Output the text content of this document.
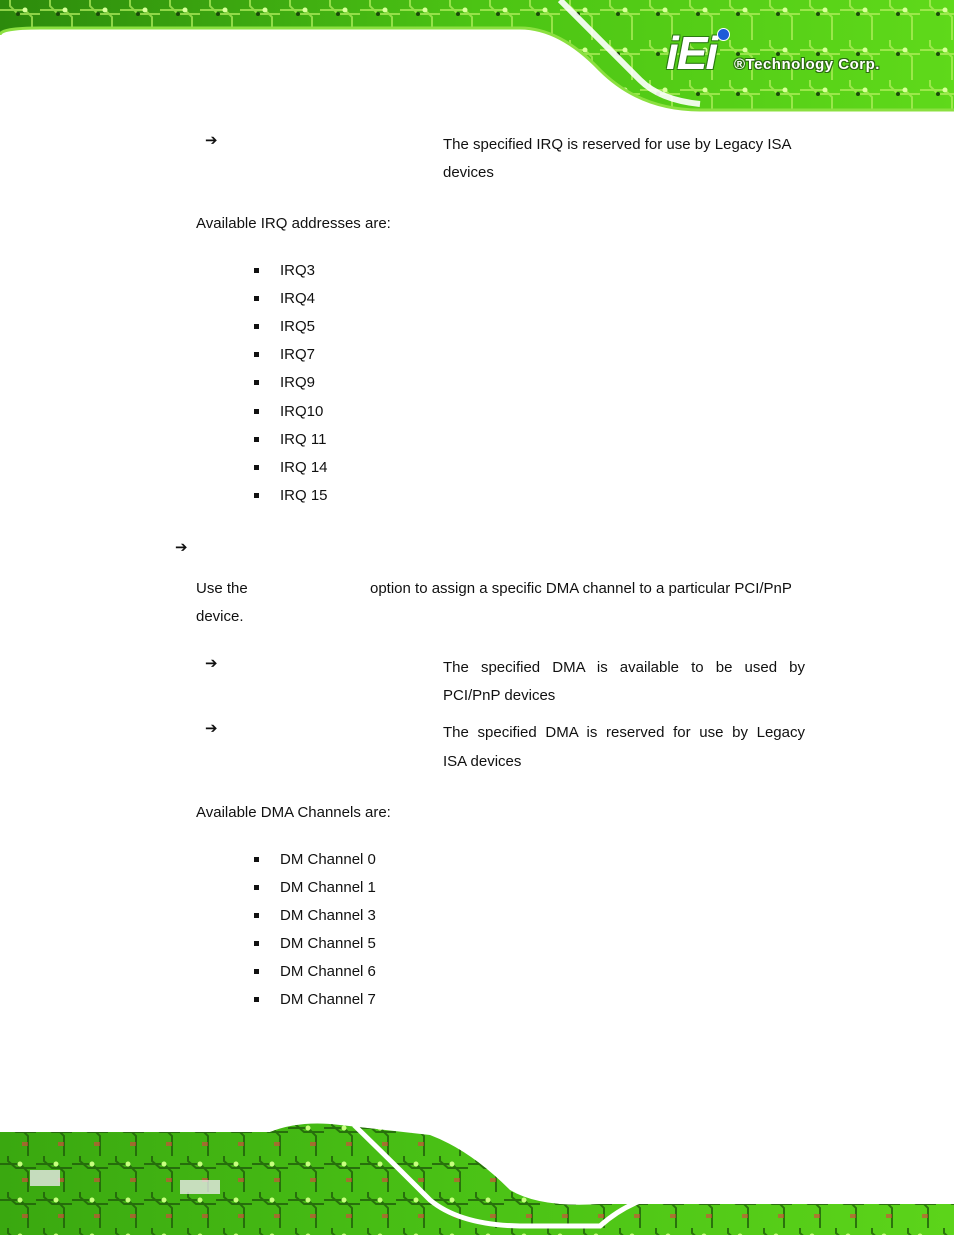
iEi ®Technology Corp.
➔	The specified IRQ is reserved for use by Legacy ISA
devices
Available IRQ addresses are:
IRQ3
IRQ4
IRQ5
IRQ7
IRQ9
IRQ10
IRQ 11
IRQ 14
IRQ 15
➔
Use the	option to assign a specific DMA channel to a particular PCI/PnP
device.
➔	The specified DMA is available to be used by
PCI/PnP devices
➔	The specified DMA is reserved for use by Legacy
ISA devices
Available DMA Channels are:
DM Channel 0
DM Channel 1
DM Channel 3
DM Channel 5
DM Channel 6
DM Channel 7
